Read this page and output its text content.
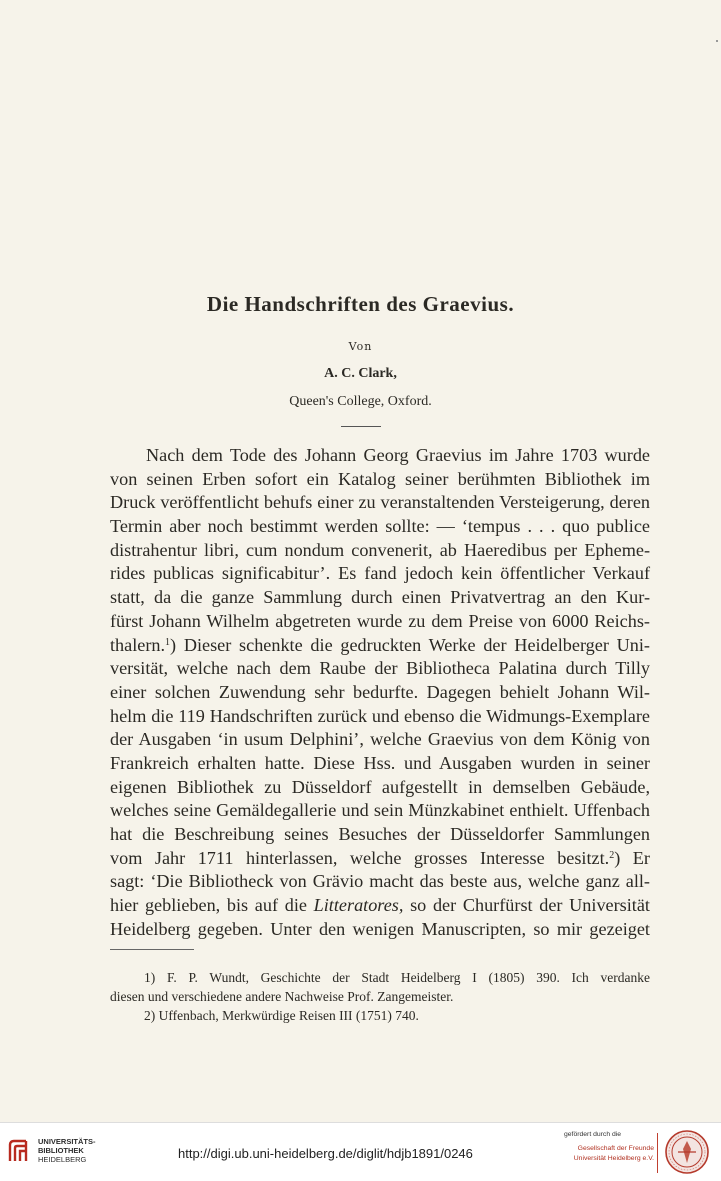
Die Handschriften des Graevius.
Von
A. C. Clark,
Queen's College, Oxford.
Nach dem Tode des Johann Georg Graevius im Jahre 1703 wurde
von seinen Erben sofort ein Katalog seiner berühmten Bibliothek im
Druck veröffentlicht behufs einer zu veranstaltenden Versteigerung, deren
Termin aber noch bestimmt werden sollte: — ‘tempus . . . quo publice
distrahentur libri, cum nondum convenerit, ab Haeredibus per Epheme-
rides publicas significabitur’. Es fand jedoch kein öffentlicher Verkauf
statt, da die ganze Sammlung durch einen Privatvertrag an den Kur-
fürst Johann Wilhelm abgetreten wurde zu dem Preise von 6000 Reichs-
thalern.$^1$) Dieser schenkte die gedruckten Werke der Heidelberger Uni-
versität, welche nach dem Raube der Bibliotheca Palatina durch Tilly
einer solchen Zuwendung sehr bedurfte. Dagegen behielt Johann Wil-
helm die 119 Handschriften zurück und ebenso die Widmungs-Exemplare
der Ausgaben ‘in usum Delphini’, welche Graevius von dem König von
Frankreich erhalten hatte. Diese Hss. und Ausgaben wurden in seiner
eigenen Bibliothek zu Düsseldorf aufgestellt in demselben Gebäude,
welches seine Gemäldegallerie und sein Münzkabinet enthielt. Uffenbach
hat die Beschreibung seines Besuches der Düsseldorfer Sammlungen
vom Jahr 1711 hinterlassen, welche grosses Interesse besitzt.$^2$) Er
sagt: ‘Die Bibliotheck von Grävio macht das beste aus, welche ganz all-
hier geblieben, bis auf die Litteratores, so der Churfürst der Universität
Heidelberg gegeben. Unter den wenigen Manuscripten, so mir gezeiget
1) F. P. Wundt, Geschichte der Stadt Heidelberg I (1805) 390. Ich verdanke
diesen und verschiedene andere Nachweise Prof. Zangemeister.
2) Uffenbach, Merkwürdige Reisen III (1751) 740.
UNIVERSITÄTS-
BIBLIOTHEK
HEIDELBERG	http://digi.ub.uni-heidelberg.de/diglit/hdjb1891/0246
gefördert durch die
Gesellschaft der Freunde
Universität Heidelberg e.V.
